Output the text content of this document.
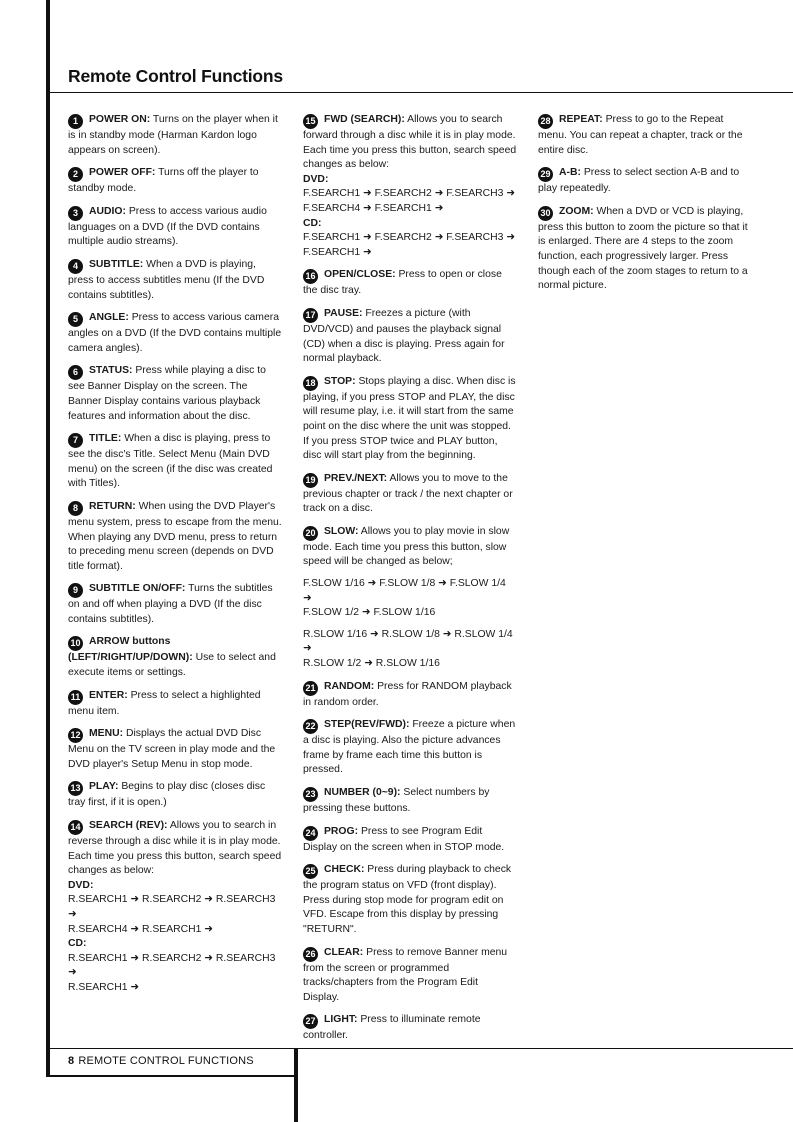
Remote Control Functions

1 POWER ON: Turns on the player when it is in standby mode (Harman Kardon logo appears on screen).

2 POWER OFF: Turns off the player to standby mode.

3 AUDIO: Press to access various audio languages on a DVD (If the DVD contains multiple audio streams).

4 SUBTITLE: When a DVD is playing, press to access subtitles menu (If the DVD contains subtitles).

5 ANGLE: Press to access various camera angles on a DVD (If the DVD contains multiple camera angles).

6 STATUS: Press while playing a disc to see Banner Display on the screen. The Banner Display contains various playback features and information about the disc.

7 TITLE: When a disc is playing, press to see the disc's Title. Select Menu (Main DVD menu) on the screen (if the disc was created with Titles).

8 RETURN: When using the DVD Player's menu system, press to escape from the menu. When playing any DVD menu, press to return to preceding menu screen (depends on DVD title format).

9 SUBTITLE ON/OFF: Turns the subtitles on and off when playing a DVD (If the disc contains subtitles).

10 ARROW buttons (LEFT/RIGHT/UP/DOWN): Use to select and execute items or settings.

11 ENTER: Press to select a highlighted menu item.

12 MENU: Displays the actual DVD Disc Menu on the TV screen in play mode and the DVD player's Setup Menu in stop mode.

13 PLAY: Begins to play disc (closes disc tray first, if it is open.)

14 SEARCH (REV): Allows you to search in reverse through a disc while it is in play mode. Each time you press this button, search speed changes as below:

DVD:
R.SEARCH1 ➜ R.SEARCH2 ➜ R.SEARCH3 ➜
R.SEARCH4 ➜ R.SEARCH1 ➜
CD:
R.SEARCH1 ➜ R.SEARCH2 ➜ R.SEARCH3 ➜
R.SEARCH1 ➜

15 FWD (SEARCH): Allows you to search forward through a disc while it is in play mode. Each time you press this button, search speed changes as below:

DVD:
F.SEARCH1 ➜ F.SEARCH2 ➜ F.SEARCH3 ➜
F.SEARCH4 ➜ F.SEARCH1 ➜
CD:
F.SEARCH1 ➜ F.SEARCH2 ➜ F.SEARCH3 ➜
F.SEARCH1 ➜

16 OPEN/CLOSE: Press to open or close the disc tray.

17 PAUSE: Freezes a picture (with DVD/VCD) and pauses the playback signal (CD) when a disc is playing. Press again for normal playback.

18 STOP: Stops playing a disc. When disc is playing, if you press STOP and PLAY, the disc will resume play, i.e. it will start from the same point on the disc where the unit was stopped. If you press STOP twice and PLAY button, disc will start play from the beginning.

19 PREV./NEXT: Allows you to move to the previous chapter or track / the next chapter or track on a disc.

20 SLOW: Allows you to play movie in slow mode. Each time you press this button, slow speed will be changed as below;

F.SLOW 1/16 ➜ F.SLOW 1/8 ➜ F.SLOW 1/4 ➜
F.SLOW 1/2 ➜ F.SLOW 1/16
R.SLOW 1/16 ➜ R.SLOW 1/8 ➜ R.SLOW 1/4 ➜
R.SLOW 1/2 ➜ R.SLOW 1/16

21 RANDOM: Press for RANDOM playback in random order.

22 STEP(REV/FWD): Freeze a picture when a disc is playing. Also the picture advances frame by frame each time this button is pressed.

23 NUMBER (0~9): Select numbers by pressing these buttons.

24 PROG: Press to see Program Edit Display on the screen when in STOP mode.

25 CHECK: Press during playback to check the program status on VFD (front display). Press during stop mode for program edit on VFD. Escape from this display by pressing "RETURN".

26 CLEAR: Press to remove Banner menu from the screen or programmed tracks/chapters from the Program Edit Display.

27 LIGHT: Press to illuminate remote controller.

28 REPEAT: Press to go to the Repeat menu. You can repeat a chapter, track or the entire disc.

29 A-B: Press to select section A-B and to play repeatedly.

30 ZOOM: When a DVD or VCD is playing, press this button to zoom the picture so that it is enlarged. There are 4 steps to the zoom function, each progressively larger. Press though each of the zoom stages to return to a normal picture.

8 REMOTE CONTROL FUNCTIONS
